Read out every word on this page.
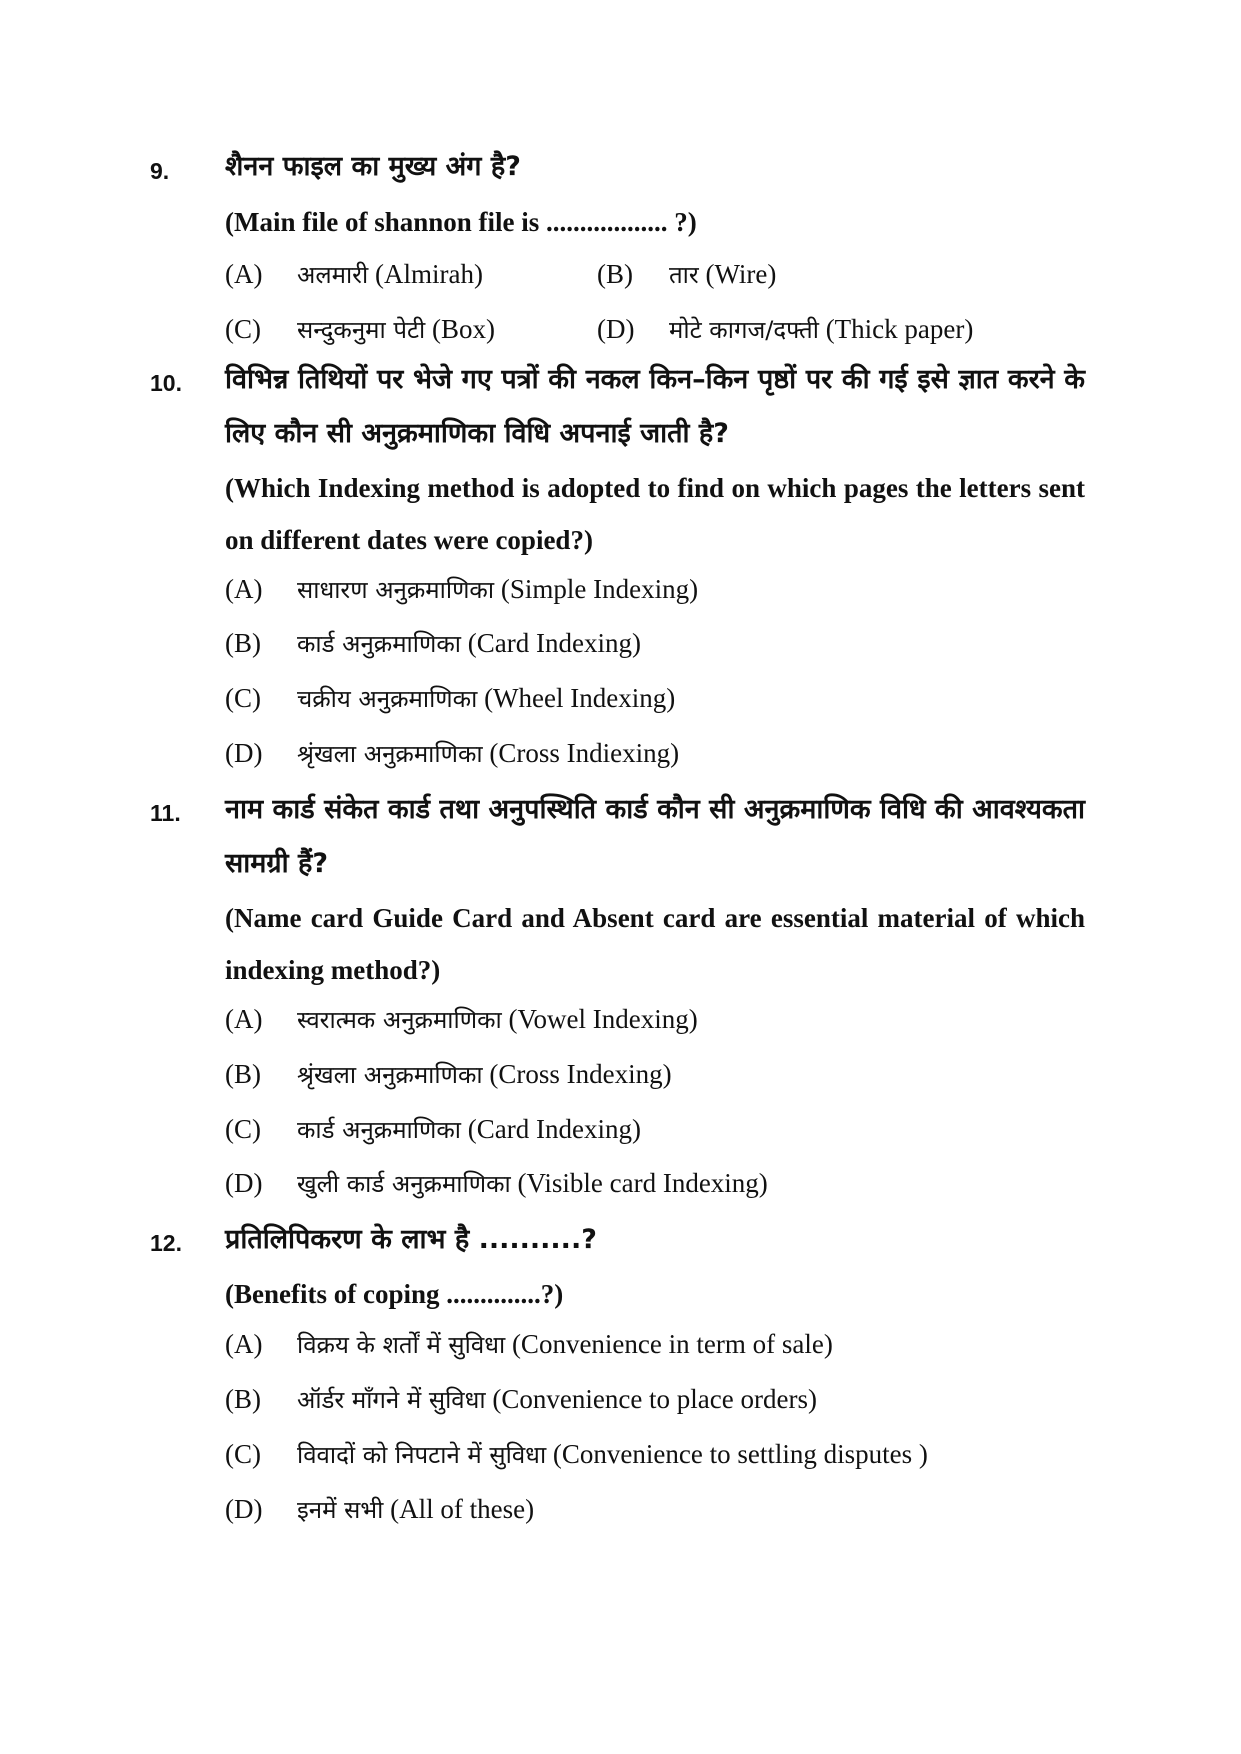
9. शैनन फाइल का मुख्य अंग है?
(Main file of shannon file is .................. ?)
(A) अलमारी (Almirah)	(B) तार (Wire)
(C) सन्दुकनुमा पेटी (Box)	(D) मोटे कागज/दफ्ती (Thick paper)
10. विभिन्न तिथियों पर भेजे गए पत्रों की नकल किन–किन पृष्ठों पर की गई इसे ज्ञात करने के लिए कौन सी अनुक्रमाणिका विधि अपनाई जाती है?
(Which Indexing method is adopted to find on which pages the letters sent on different dates were copied?)
(A) साधारण अनुक्रमाणिका (Simple Indexing)
(B) कार्ड अनुक्रमाणिका (Card Indexing)
(C) चक्रीय अनुक्रमाणिका (Wheel Indexing)
(D) श्रृंखला अनुक्रमाणिका (Cross Indiexing)
11. नाम कार्ड संकेत कार्ड तथा अनुपस्थिति कार्ड कौन सी अनुक्रमाणिक विधि की आवश्यकता सामग्री हैं?
(Name card Guide Card and Absent card are essential material of which indexing method?)
(A) स्वरात्मक अनुक्रमाणिका (Vowel Indexing)
(B) श्रृंखला अनुक्रमाणिका (Cross Indexing)
(C) कार्ड अनुक्रमाणिका (Card Indexing)
(D) खुली कार्ड अनुक्रमाणिका (Visible card Indexing)
12. प्रतिलिपिकरण के लाभ है ..........?
(Benefits of coping ..............?)
(A) विक्रय के शर्तों में सुविधा (Convenience in term of sale)
(B) ऑर्डर माँगने में सुविधा (Convenience to place orders)
(C) विवादों को निपटाने में सुविधा (Convenience to settling disputes )
(D) इनमें सभी (All of these)
